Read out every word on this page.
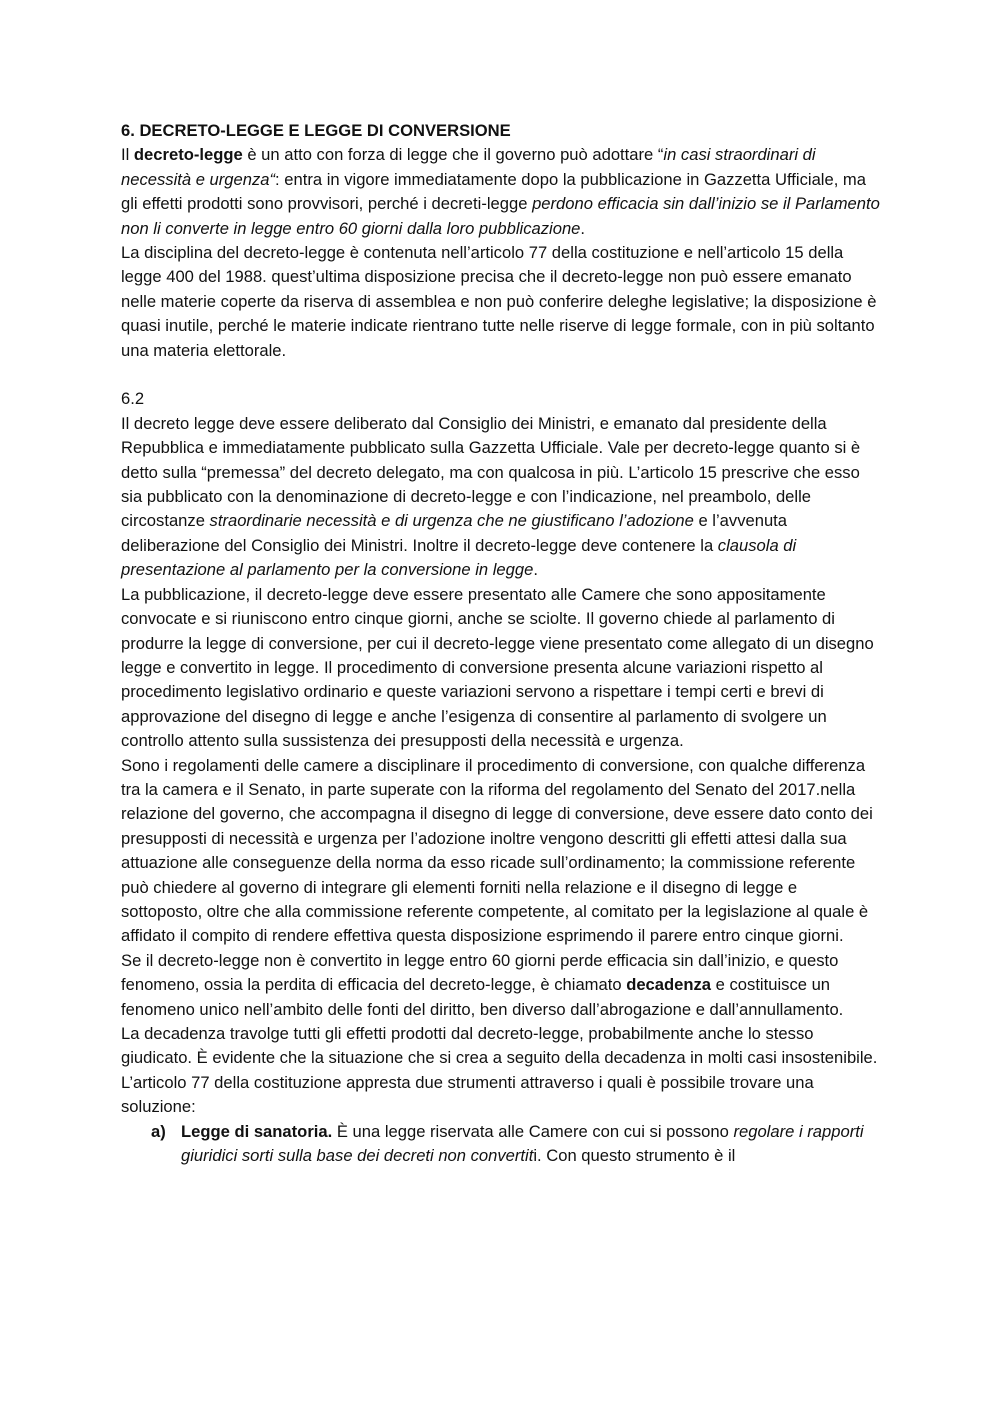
6. DECRETO-LEGGE E LEGGE DI CONVERSIONE

Il decreto-legge è un atto con forza di legge che il governo può adottare “in casi straordinari di necessità e urgenza“: entra in vigore immediatamente dopo la pubblicazione in Gazzetta Ufficiale, ma gli effetti prodotti sono provvisori, perché i decreti-legge perdono efficacia sin dall’inizio se il Parlamento non li converte in legge entro 60 giorni dalla loro pubblicazione.

La disciplina del decreto-legge è contenuta nell’articolo 77 della costituzione e nell’articolo 15 della legge 400 del 1988. quest’ultima disposizione precisa che il decreto-legge non può essere emanato nelle materie coperte da riserva di assemblea e non può conferire deleghe legislative; la disposizione è quasi inutile, perché le materie indicate rientrano tutte nelle riserve di legge formale, con in più soltanto una materia elettorale.

6.2

Il decreto legge deve essere deliberato dal Consiglio dei Ministri, e emanato dal presidente della Repubblica e immediatamente pubblicato sulla Gazzetta Ufficiale. Vale per decreto-legge quanto si è detto sulla “premessa” del decreto delegato, ma con qualcosa in più. L’articolo 15 prescrive che esso sia pubblicato con la denominazione di decreto-legge e con l’indicazione, nel preambolo, delle circostanze straordinarie necessità e di urgenza che ne giustificano l’adozione e l’avvenuta deliberazione del Consiglio dei Ministri. Inoltre il decreto-legge deve contenere la clausola di presentazione al parlamento per la conversione in legge.

La pubblicazione, il decreto-legge deve essere presentato alle Camere che sono appositamente convocate e si riuniscono entro cinque giorni, anche se sciolte. Il governo chiede al parlamento di produrre la legge di conversione, per cui il decreto-legge viene presentato come allegato di un disegno legge e convertito in legge. Il procedimento di conversione presenta alcune variazioni rispetto al procedimento legislativo ordinario e queste variazioni servono a rispettare i tempi certi e brevi di approvazione del disegno di legge e anche l’esigenza di consentire al parlamento di svolgere un controllo attento sulla sussistenza dei presupposti della necessità e urgenza.

Sono i regolamenti delle camere a disciplinare il procedimento di conversione, con qualche differenza tra la camera e il Senato, in parte superate con la riforma del regolamento del Senato del 2017.nella relazione del governo, che accompagna il disegno di legge di conversione, deve essere dato conto dei presupposti di necessità e urgenza per l’adozione inoltre vengono descritti gli effetti attesi dalla sua attuazione alle conseguenze della norma da esso ricade sull’ordinamento; la commissione referente può chiedere al governo di integrare gli elementi forniti nella relazione e il disegno di legge e sottoposto, oltre che alla commissione referente competente, al comitato per la legislazione al quale è affidato il compito di rendere effettiva questa disposizione esprimendo il parere entro cinque giorni.

Se il decreto-legge non è convertito in legge entro 60 giorni perde efficacia sin dall’inizio, e questo fenomeno, ossia la perdita di efficacia del decreto-legge, è chiamato decadenza e costituisce un fenomeno unico nell’ambito delle fonti del diritto, ben diverso dall’abrogazione e dall’annullamento.

La decadenza travolge tutti gli effetti prodotti dal decreto-legge, probabilmente anche lo stesso giudicato. È evidente che la situazione che si crea a seguito della decadenza in molti casi insostenibile.

L’articolo 77 della costituzione appresta due strumenti attraverso i quali è possibile trovare una soluzione:

a) Legge di sanatoria. È una legge riservata alle Camere con cui si possono regolare i rapporti giuridici sorti sulla base dei decreti non convertiti. Con questo strumento è il
